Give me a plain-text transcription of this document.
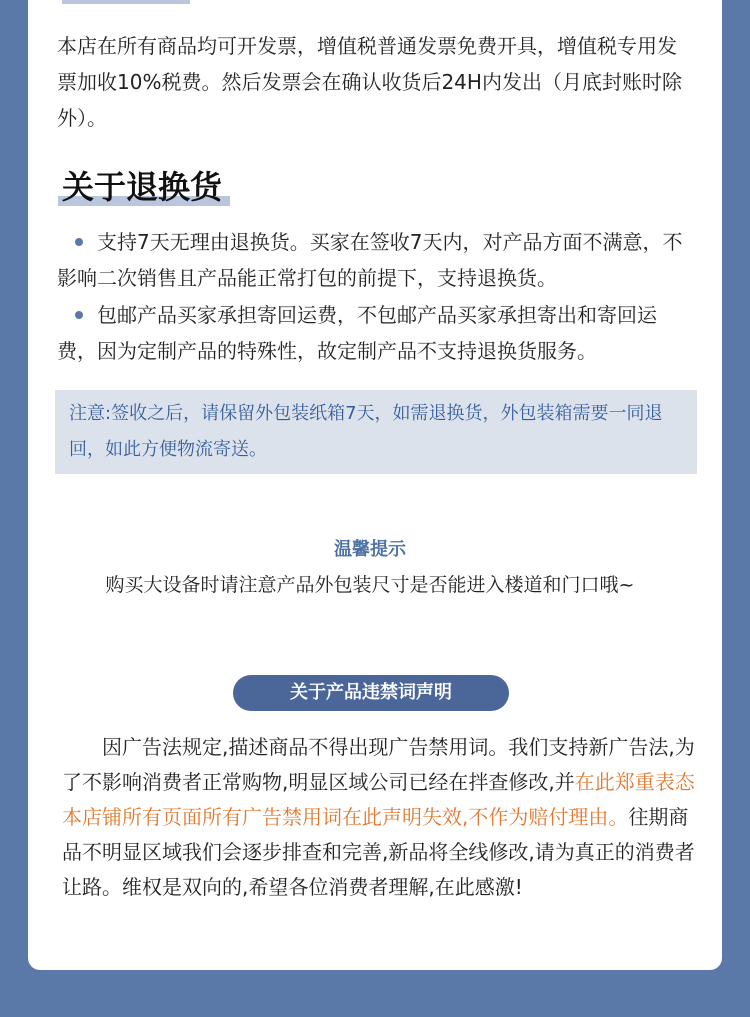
本店在所有商品均可开发票，增值税普通发票免费开具，增值税专用发票加收10%税费。然后发票会在确认收货后24H内发出（月底封账时除外）。
关于退换货
支持7天无理由退换货。买家在签收7天内，对产品方面不满意，不影响二次销售且产品能正常打包的前提下，支持退换货。
包邮产品买家承担寄回运费，不包邮产品买家承担寄出和寄回运费，因为定制产品的特殊性，故定制产品不支持退换货服务。
注意:签收之后，请保留外包装纸箱7天，如需退换货，外包装箱需要一同退回，如此方便物流寄送。
温馨提示
购买大设备时请注意产品外包装尺寸是否能进入楼道和门口哦~
关于产品违禁词声明
因广告法规定,描述商品不得出现广告禁用词。我们支持新广告法,为了不影响消费者正常购物,明显区域公司已经在拌查修改,并在此郑重表态本店铺所有页面所有广告禁用词在此声明失效,不作为赔付理由。往期商品不明显区域我们会逐步排查和完善,新品将全线修改,请为真正的消费者让路。维权是双向的,希望各位消费者理解,在此感激!
